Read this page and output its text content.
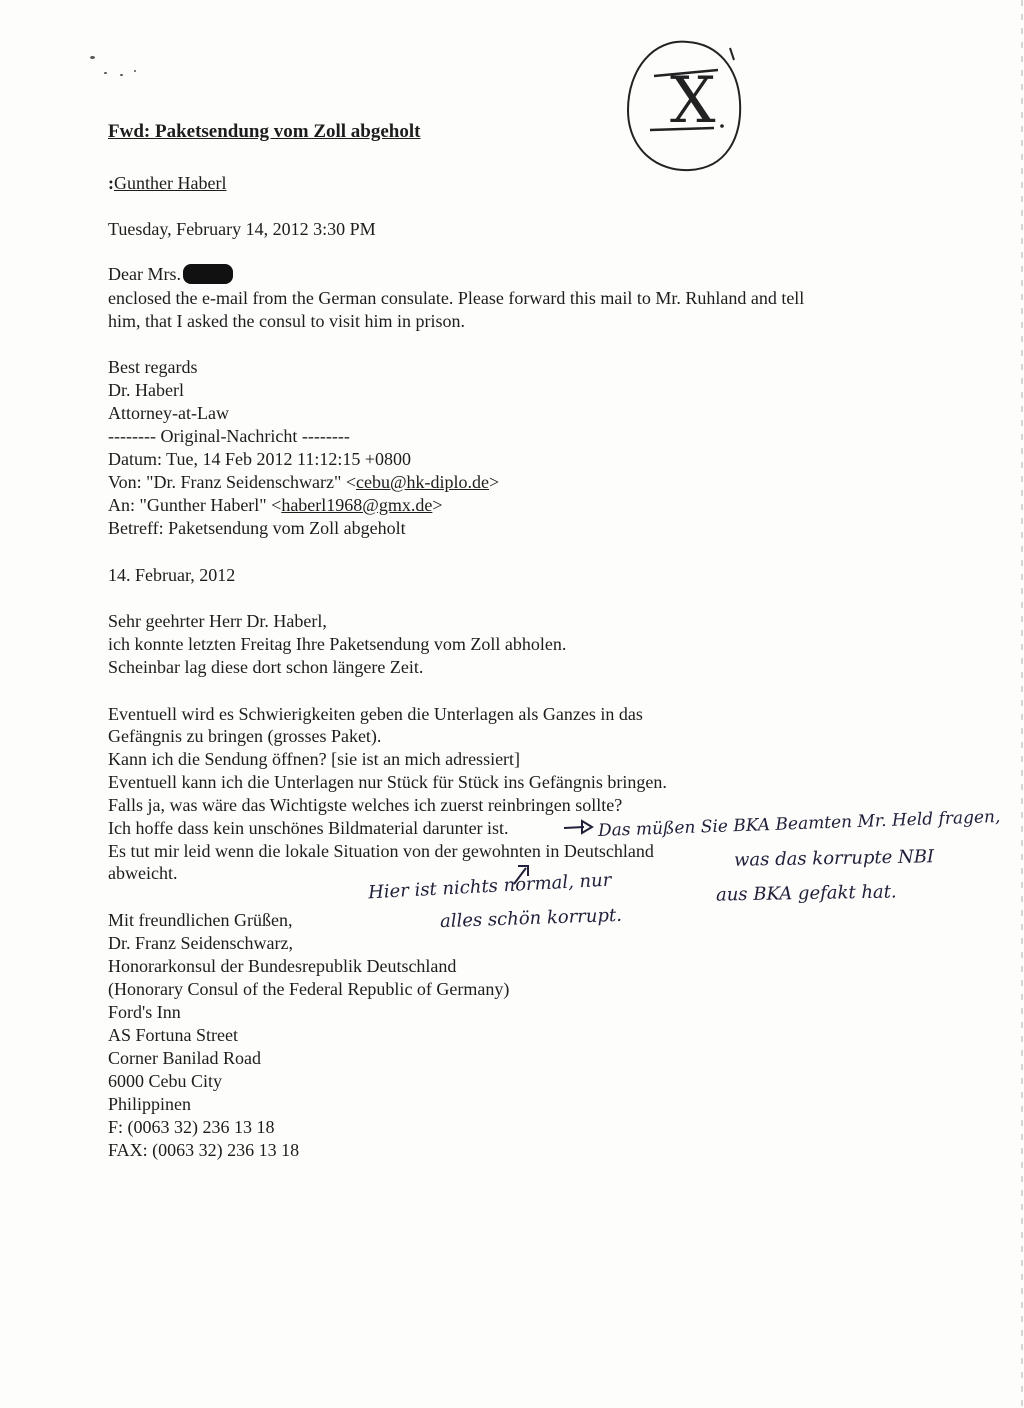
X
Fwd: Paketsendung vom Zoll abgeholt
:Gunther Haberl
Tuesday, February 14, 2012 3:30 PM
Dear Mrs.
enclosed the e-mail from the German consulate. Please forward this mail to Mr. Ruhland and tell
him, that I asked the consul to visit him in prison.
Best regards
Dr. Haberl
Attorney-at-Law
-------- Original-Nachricht --------
Datum: Tue, 14 Feb 2012 11:12:15 +0800
Von: "Dr. Franz Seidenschwarz" <cebu@hk-diplo.de>
An: "Gunther Haberl" <haberl1968@gmx.de>
Betreff: Paketsendung vom Zoll abgeholt
14. Februar, 2012
Sehr geehrter Herr Dr. Haberl,
ich konnte letzten Freitag Ihre Paketsendung vom Zoll abholen.
Scheinbar lag diese dort schon längere Zeit.
Eventuell wird es Schwierigkeiten geben die Unterlagen als Ganzes in das
Gefängnis zu bringen (grosses Paket).
Kann ich die Sendung öffnen? [sie ist an mich adressiert]
Eventuell kann ich die Unterlagen nur Stück für Stück ins Gefängnis bringen.
Falls ja, was wäre das Wichtigste welches ich zuerst reinbringen sollte?
Ich hoffe dass kein unschönes Bildmaterial darunter ist.
Es tut mir leid wenn die lokale Situation von der gewohnten in Deutschland
abweicht.
Mit freundlichen Grüßen,
Dr. Franz Seidenschwarz,
Honorarkonsul der Bundesrepublik Deutschland
(Honorary Consul of the Federal Republic of Germany)
Ford's Inn
AS Fortuna Street
Corner Banilad Road
6000 Cebu City
Philippinen
F: (0063 32) 236 13 18
FAX: (0063 32) 236 13 18
Das müßen Sie BKA Beamten Mr. Held fragen,
was das korrupte NBI
aus BKA gefakt hat.
Hier ist nichts normal, nur
alles schön korrupt.
